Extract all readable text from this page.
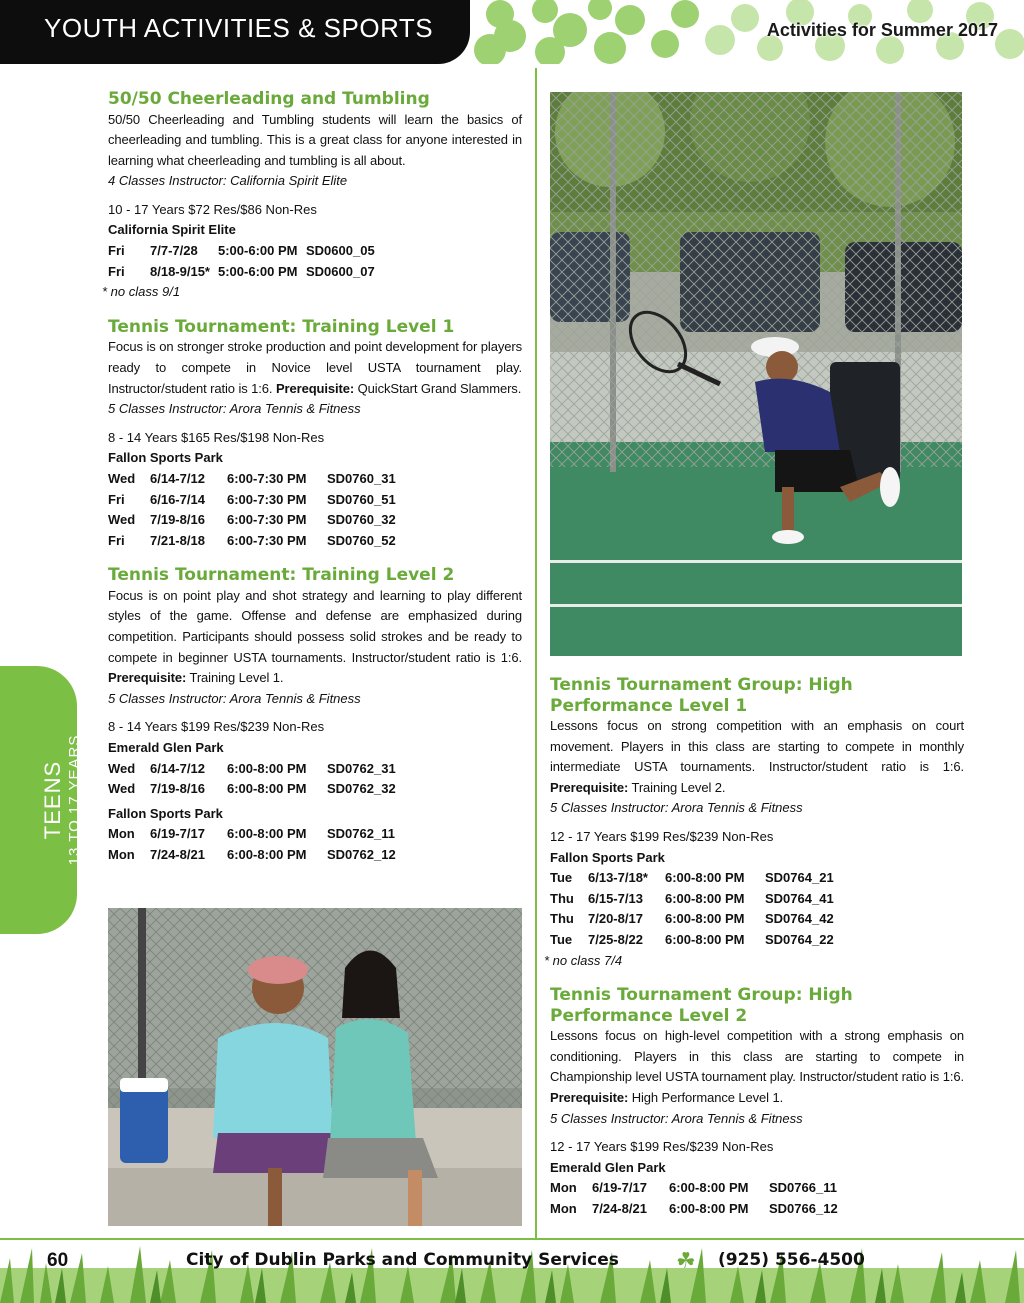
YOUTH ACTIVITIES & SPORTS	Activities for Summer 2017
50/50 Cheerleading and Tumbling

50/50 Cheerleading and Tumbling students will learn the basics of cheerleading and tumbling. This is a great class for anyone interested in learning what cheerleading and tumbling is all about.

4 Classes Instructor: California Spirit Elite

10 - 17 Years $72 Res/$86 Non-Res

California Spirit Elite

Fri 7/7-7/28 5:00-6:00 PM SD0600_05
Fri 8/18-9/15* 5:00-6:00 PM SD0600_07

* no class 9/1

Tennis Tournament: Training Level 1

Focus is on stronger stroke production and point development for players ready to compete in Novice level USTA tournament play. Instructor/student ratio is 1:6. Prerequisite: QuickStart Grand Slammers.

5 Classes Instructor: Arora Tennis & Fitness

8 - 14 Years $165 Res/$198 Non-Res

Fallon Sports Park

Wed 6/14-7/12 6:00-7:30 PM SD0760_31
Fri 6/16-7/14 6:00-7:30 PM SD0760_51
Wed 7/19-8/16 6:00-7:30 PM SD0760_32
Fri 7/21-8/18 6:00-7:30 PM SD0760_52
Tennis Tournament: Training Level 2

Focus is on point play and shot strategy and learning to play different styles of the game. Offense and defense are emphasized during competition. Participants should possess solid strokes and be ready to compete in beginner USTA tournaments. Instructor/student ratio is 1:6. Prerequisite: Training Level 1.

5 Classes Instructor: Arora Tennis & Fitness

8 - 14 Years $199 Res/$239 Non-Res

Emerald Glen Park

Wed 6/14-7/12 6:00-8:00 PM SD0762_31
Wed 7/19-8/16 6:00-8:00 PM SD0762_32

Fallon Sports Park

Mon 6/19-7/17 6:00-8:00 PM SD0762_11
Mon 7/24-8/21 6:00-8:00 PM SD0762_12
Tennis Tournament Group: High
Performance Level 1

Lessons focus on strong competition with an emphasis on court movement. Players in this class are starting to compete in monthly intermediate USTA tournaments. Instructor/student ratio is 1:6. Prerequisite: Training Level 2.

5 Classes Instructor: Arora Tennis & Fitness

12 - 17 Years $199 Res/$239 Non-Res

Fallon Sports Park

Tue 6/13-7/18* 6:00-8:00 PM SD0764_21
Thu 6/15-7/13 6:00-8:00 PM SD0764_41
Thu 7/20-8/17 6:00-8:00 PM SD0764_42
Tue 7/25-8/22 6:00-8:00 PM SD0764_22

* no class 7/4

Tennis Tournament Group: High
Performance Level 2

Lessons focus on high-level competition with a strong emphasis on conditioning. Players in this class are starting to compete in Championship level USTA tournament play. Instructor/student ratio is 1:6. Prerequisite: High Performance Level 1.

5 Classes Instructor: Arora Tennis & Fitness

12 - 17 Years $199 Res/$239 Non-Res

Emerald Glen Park

Mon 6/19-7/17 6:00-8:00 PM SD0766_11
Mon 7/24-8/21 6:00-8:00 PM SD0766_12
TEENS 13 TO 17 YEARS
60	City of Dublin Parks and Community Services	☘ (925) 556-4500
